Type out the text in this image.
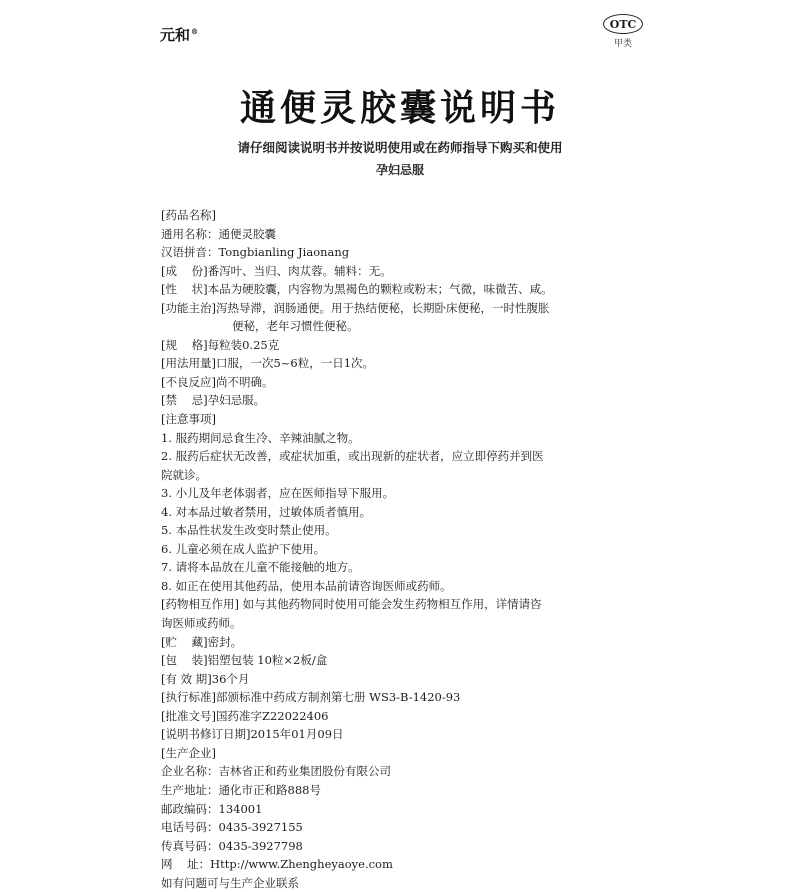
元和®
OTC
甲类
通便灵胶囊说明书
请仔细阅读说明书并按说明使用或在药师指导下购买和使用
孕妇忌服
[药品名称]
通用名称：通便灵胶囊
汉语拼音：Tongbianling Jiaonang
[成    份]番泻叶、当归、肉苁蓉。辅料：无。
[性    状]本品为硬胶囊，内容物为黑褐色的颗粒或粉末；气微，味微苦、咸。
[功能主治]泻热导滞，润肠通便。用于热结便秘，长期卧床便秘，一时性腹胀
便秘，老年习惯性便秘。
[规    格]每粒装0.25克
[用法用量]口服，一次5~6粒，一日1次。
[不良反应]尚不明确。
[禁    忌]孕妇忌服。
[注意事项]
1. 服药期间忌食生冷、辛辣油腻之物。
2. 服药后症状无改善，或症状加重，或出现新的症状者，应立即停药并到医
院就诊。
3. 小儿及年老体弱者，应在医师指导下服用。
4. 对本品过敏者禁用，过敏体质者慎用。
5. 本品性状发生改变时禁止使用。
6. 儿童必须在成人监护下使用。
7. 请将本品放在儿童不能接触的地方。
8. 如正在使用其他药品，使用本品前请咨询医师或药师。
[药物相互作用] 如与其他药物同时使用可能会发生药物相互作用，详情请咨
询医师或药师。
[贮    藏]密封。
[包    装]铝塑包装 10粒×2板/盒
[有 效 期]36个月
[执行标准]部颁标准中药成方制剂第七册 WS3-B-1420-93
[批准文号]国药准字Z22022406
[说明书修订日期]2015年01月09日
[生产企业]
企业名称：吉林省正和药业集团股份有限公司
生产地址：通化市正和路888号
邮政编码：134001
电话号码：0435-3927155
传真号码：0435-3927798
网    址：Http://www.Zhengheyaoye.com
如有问题可与生产企业联系
